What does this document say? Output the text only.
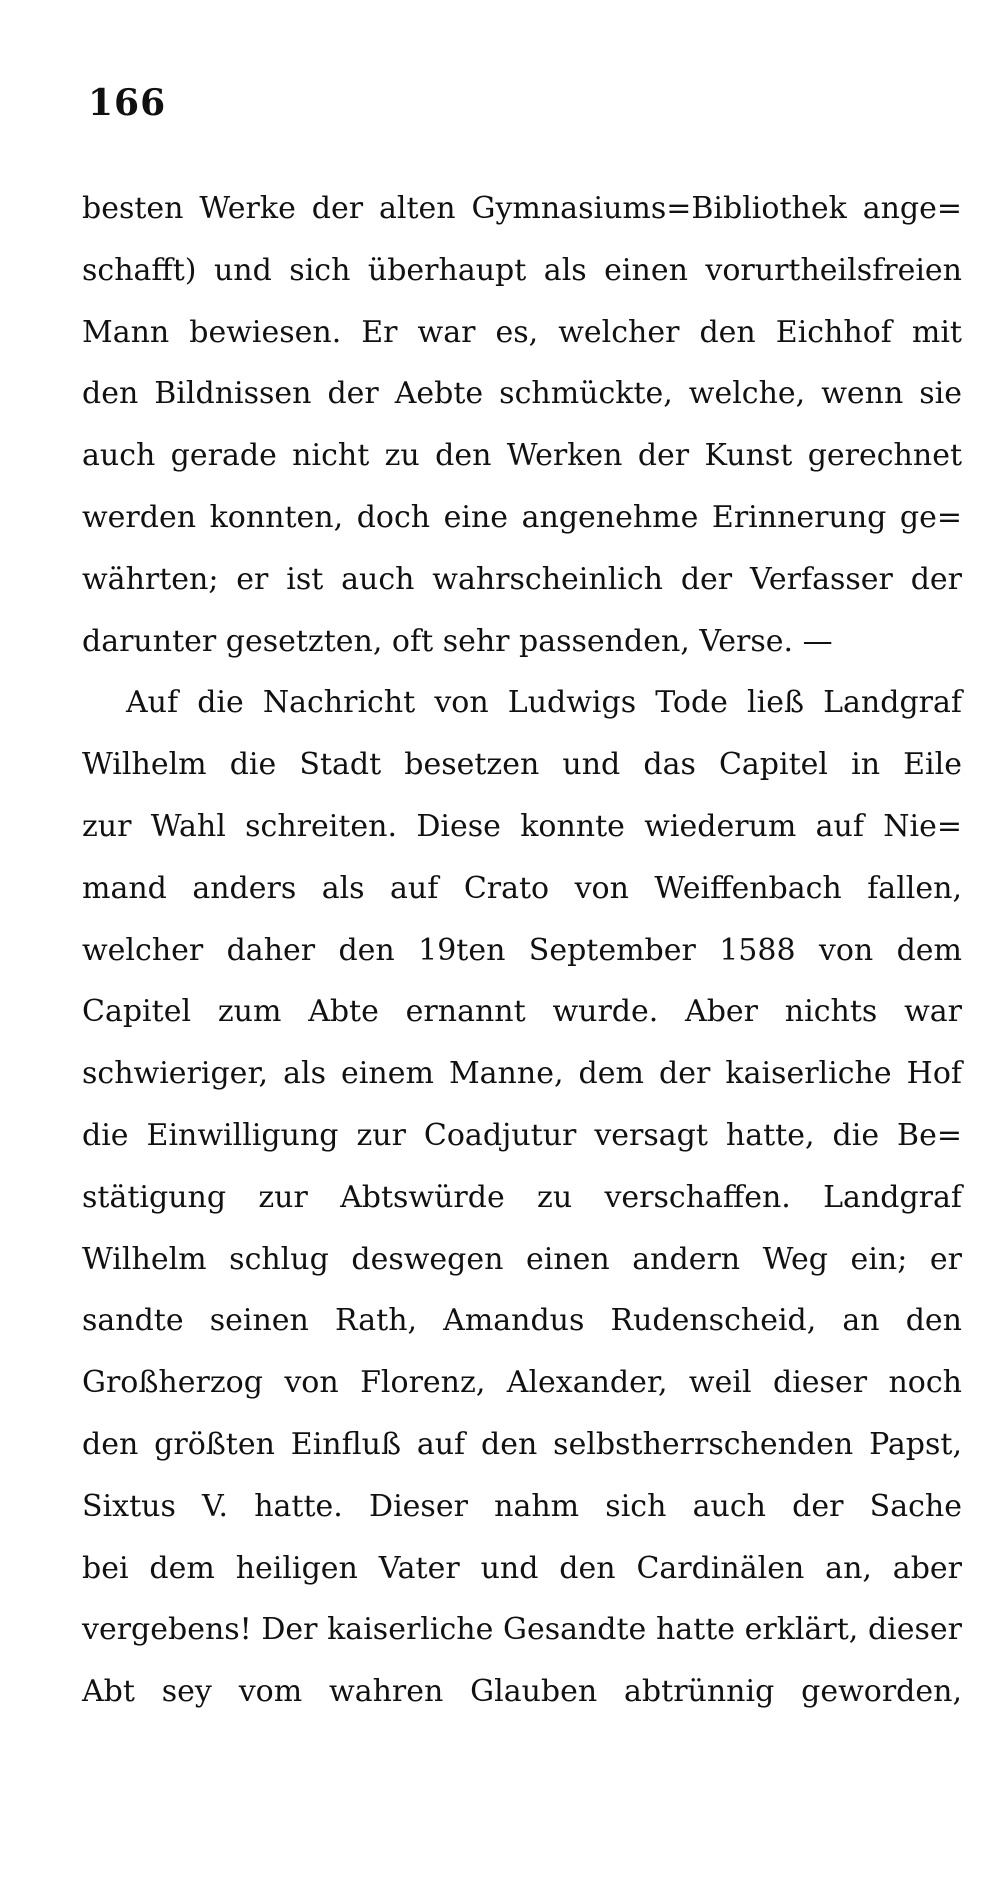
166
besten Werke der alten Gymnasiums=Bibliothek ange=
schafft) und sich überhaupt als einen vorurtheilsfreien
Mann bewiesen. Er war es, welcher den Eichhof mit
den Bildnissen der Aebte schmückte, welche, wenn sie
auch gerade nicht zu den Werken der Kunst gerechnet
werden konnten, doch eine angenehme Erinnerung ge=
währten; er ist auch wahrscheinlich der Verfasser der
darunter gesetzten, oft sehr passenden, Verse. —
Auf die Nachricht von Ludwigs Tode ließ Landgraf
Wilhelm die Stadt besetzen und das Capitel in Eile
zur Wahl schreiten. Diese konnte wiederum auf Nie=
mand anders als auf Crato von Weiffenbach fallen,
welcher daher den 19ten September 1588 von dem
Capitel zum Abte ernannt wurde. Aber nichts war
schwieriger, als einem Manne, dem der kaiserliche Hof
die Einwilligung zur Coadjutur versagt hatte, die Be=
stätigung zur Abtswürde zu verschaffen. Landgraf
Wilhelm schlug deswegen einen andern Weg ein; er
sandte seinen Rath, Amandus Rudenscheid, an den
Großherzog von Florenz, Alexander, weil dieser noch
den größten Einfluß auf den selbstherrschenden Papst,
Sixtus V. hatte. Dieser nahm sich auch der Sache
bei dem heiligen Vater und den Cardinälen an, aber
vergebens! Der kaiserliche Gesandte hatte erklärt, dieser
Abt sey vom wahren Glauben abtrünnig geworden,
